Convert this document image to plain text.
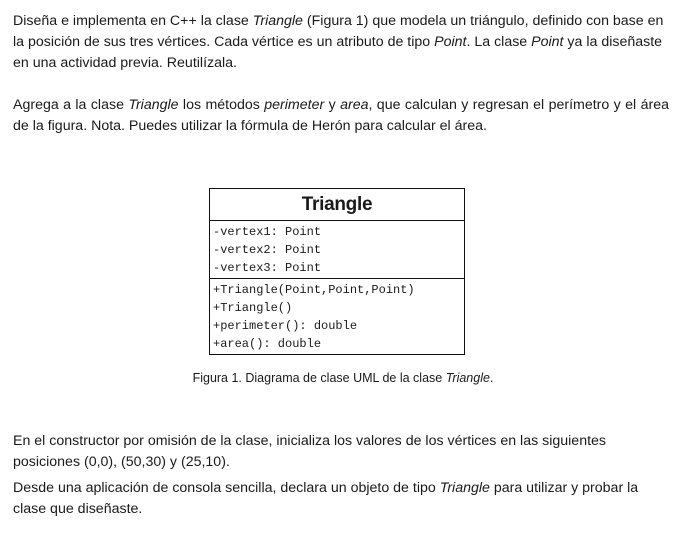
Diseña e implementa en C++ la clase Triangle (Figura 1) que modela un triángulo, definido con base en la posición de sus tres vértices. Cada vértice es un atributo de tipo Point. La clase Point ya la diseñaste en una actividad previa. Reutilízala.

Agrega a la clase Triangle los métodos perimeter y area, que calculan y regresan el perímetro y el área de la figura. Nota. Puedes utilizar la fórmula de Herón para calcular el área.

Triangle
-vertex1: Point
-vertex2: Point
-vertex3: Point
+Triangle(Point,Point,Point)
+Triangle()
+perimeter(): double
+area(): double
Figura 1. Diagrama de clase UML de la clase Triangle.

En el constructor por omisión de la clase, inicializa los valores de los vértices en las siguientes posiciones (0,0), (50,30) y (25,10).

Desde una aplicación de consola sencilla, declara un objeto de tipo Triangle para utilizar y probar la clase que diseñaste.
